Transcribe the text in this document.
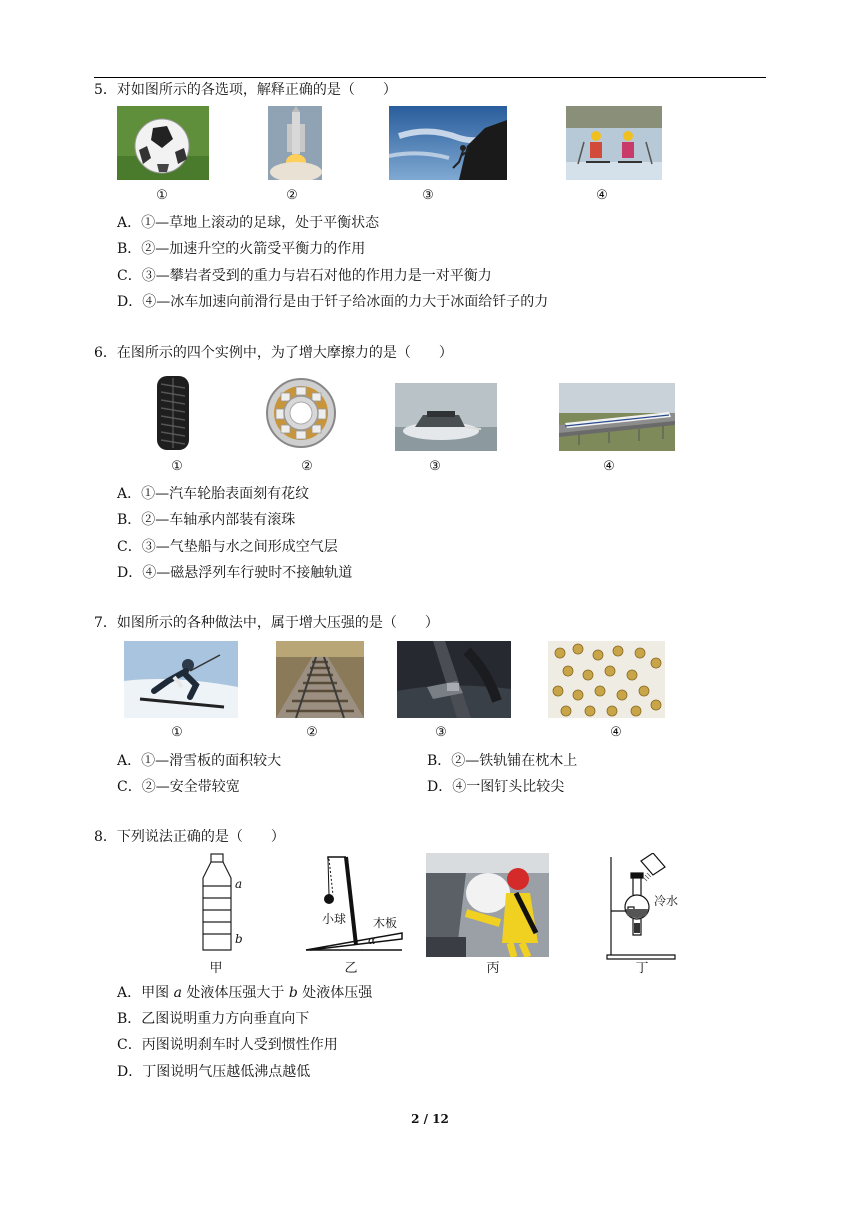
5．对如图所示的各选项，解释正确的是（　　）
①	②	③	④
A．①—草地上滚动的足球，处于平衡状态
B．②—加速升空的火箭受平衡力的作用
C．③—攀岩者受到的重力与岩石对他的作用力是一对平衡力
D．④—冰车加速向前滑行是由于钎子给冰面的力大于冰面给钎子的力
6．在图所示的四个实例中，为了增大摩擦力的是（　　）
①	②	③	④
A．①—汽车轮胎表面刻有花纹
B．②—车轴承内部装有滚珠
C．③—气垫船与水之间形成空气层
D．④—磁悬浮列车行驶时不接触轨道
7．如图所示的各种做法中，属于增大压强的是（　　）
①	②	③	④
A．①—滑雪板的面积较大	B．②—铁轨铺在枕木上
C．②—安全带较宽	D．④一图钉头比较尖
8．下列说法正确的是（　　）
a
b
小球 木板
α
冷水
甲	乙	丙	丁
A．甲图 a 处液体压强大于 b 处液体压强
B．乙图说明重力方向垂直向下
C．丙图说明刹车时人受到惯性作用
D．丁图说明气压越低沸点越低
2 / 12
